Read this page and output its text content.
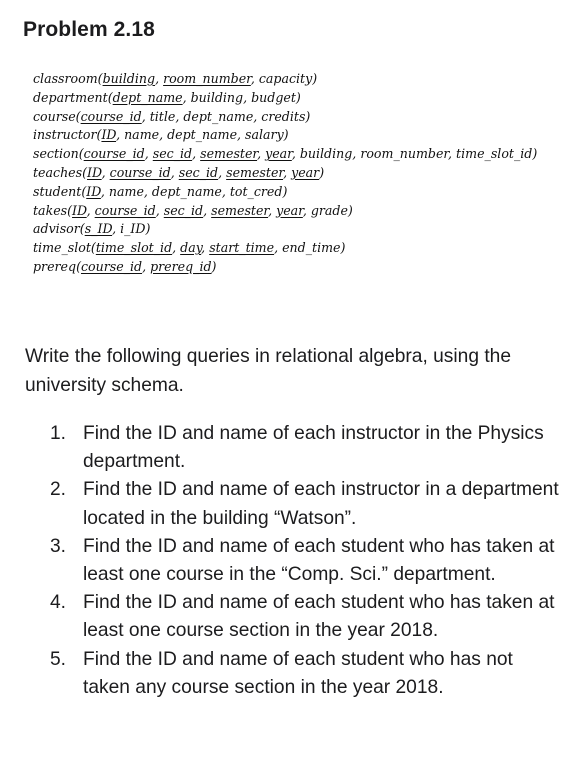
Problem 2.18
classroom(building, room_number, capacity)
department(dept_name, building, budget)
course(course_id, title, dept_name, credits)
instructor(ID, name, dept_name, salary)
section(course_id, sec_id, semester, year, building, room_number, time_slot_id)
teaches(ID, course_id, sec_id, semester, year)
student(ID, name, dept_name, tot_cred)
takes(ID, course_id, sec_id, semester, year, grade)
advisor(s_ID, i_ID)
time_slot(time_slot_id, day, start_time, end_time)
prereq(course_id, prereq_id)
Write the following queries in relational algebra, using the university schema.
1. Find the ID and name of each instructor in the Physics department.
2. Find the ID and name of each instructor in a department located in the building “Watson”.
3. Find the ID and name of each student who has taken at least one course in the “Comp. Sci.” department.
4. Find the ID and name of each student who has taken at least one course section in the year 2018.
5. Find the ID and name of each student who has not taken any course section in the year 2018.
